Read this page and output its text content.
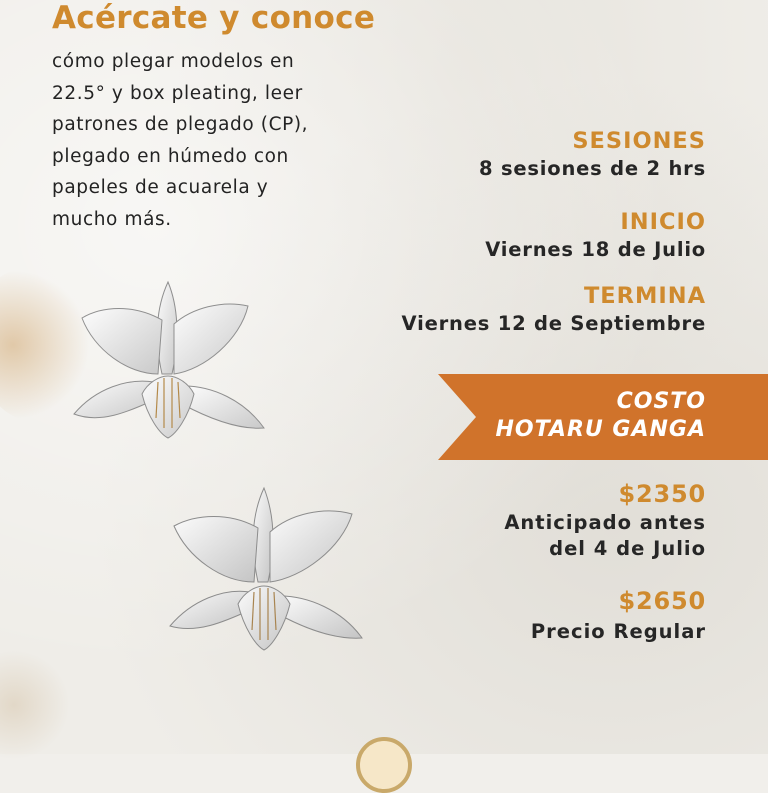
Acércate y conoce
cómo plegar modelos en
22.5° y box pleating, leer
patrones de plegado (CP),
plegado en húmedo con
papeles de acuarela y
mucho más.
SESIONES
8 sesiones de 2 hrs
INICIO
Viernes 18 de Julio
TERMINA
Viernes 12 de Septiembre
COSTO
HOTARU GANGA
$2350
Anticipado antes
del 4 de Julio
$2650
Precio Regular
